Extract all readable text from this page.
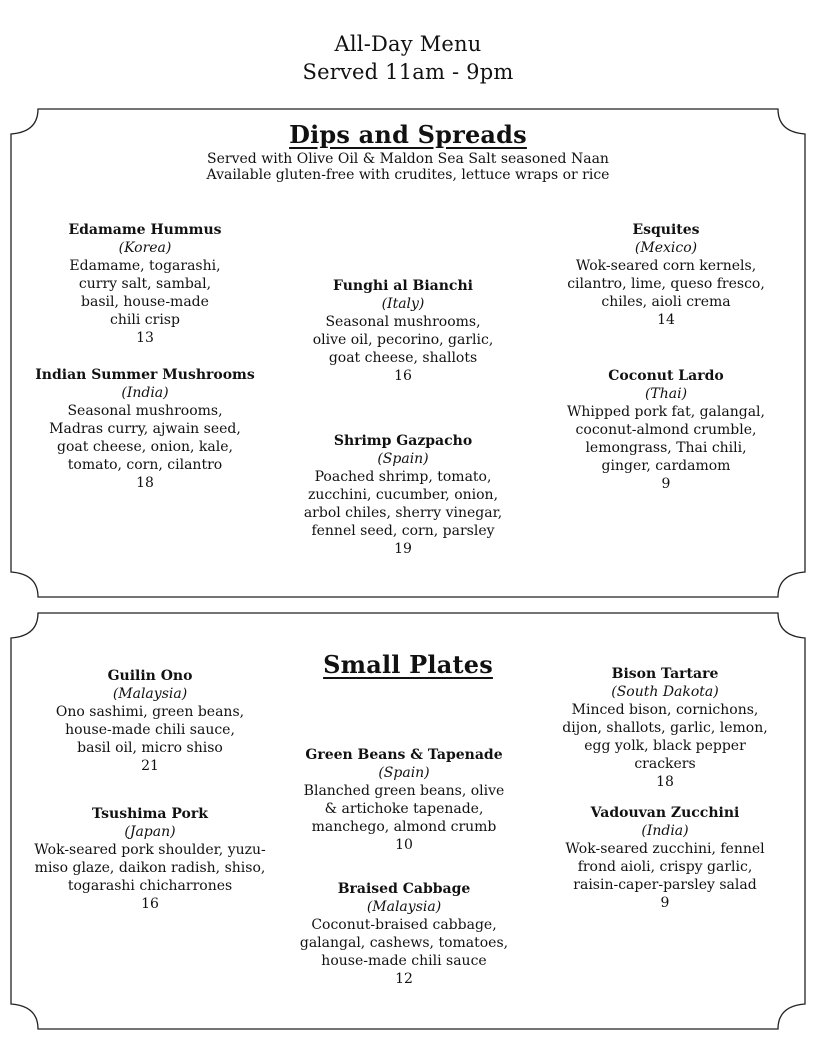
All-Day Menu
Served 11am - 9pm
Dips and Spreads
Served with Olive Oil & Maldon Sea Salt seasoned Naan
Available gluten-free with crudites, lettuce wraps or rice
Edamame Hummus
(Korea)
Edamame, togarashi, curry salt, sambal, basil, house-made chili crisp
13
Indian Summer Mushrooms
(India)
Seasonal mushrooms, Madras curry, ajwain seed, goat cheese, onion, kale, tomato, corn, cilantro
18
Funghi al Bianchi
(Italy)
Seasonal mushrooms, olive oil, pecorino, garlic, goat cheese, shallots
16
Shrimp Gazpacho
(Spain)
Poached shrimp, tomato, zucchini, cucumber, onion, arbol chiles, sherry vinegar, fennel seed, corn, parsley
19
Esquites
(Mexico)
Wok-seared corn kernels, cilantro, lime, queso fresco, chiles, aioli crema
14
Coconut Lardo
(Thai)
Whipped pork fat, galangal, coconut-almond crumble, lemongrass, Thai chili, ginger, cardamom
9
Small Plates
Guilin Ono
(Malaysia)
Ono sashimi, green beans, house-made chili sauce, basil oil, micro shiso
21
Tsushima Pork
(Japan)
Wok-seared pork shoulder, yuzu-miso glaze, daikon radish, shiso, togarashi chicharrones
16
Green Beans & Tapenade
(Spain)
Blanched green beans, olive & artichoke tapenade, manchego, almond crumb
10
Braised Cabbage
(Malaysia)
Coconut-braised cabbage, galangal, cashews, tomatoes, house-made chili sauce
12
Bison Tartare
(South Dakota)
Minced bison, cornichons, dijon, shallots, garlic, lemon, egg yolk, black pepper crackers
18
Vadouvan Zucchini
(India)
Wok-seared zucchini, fennel frond aioli, crispy garlic, raisin-caper-parsley salad
9
